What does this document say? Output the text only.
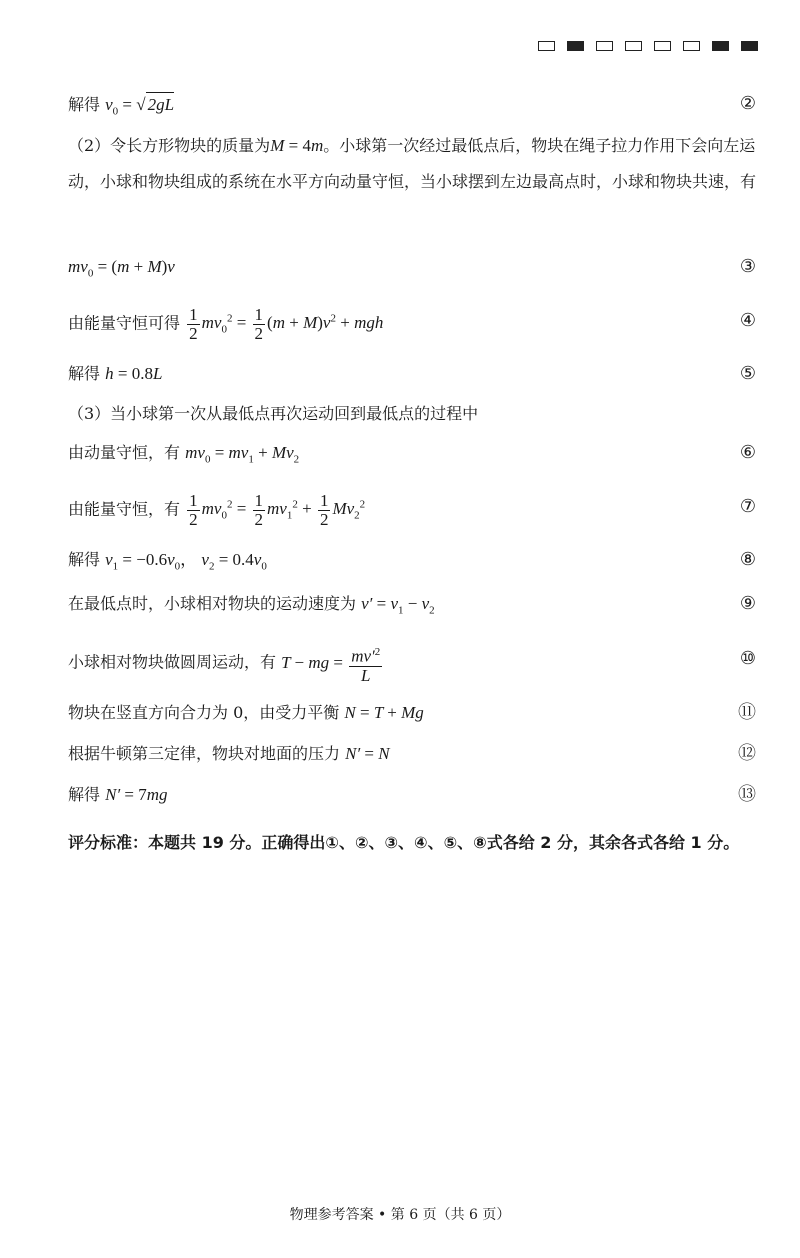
解得 $v_0$ = √ 2gL	②
（2）令长方形物块的质量为M = 4m。小球第一次经过最低点后，物块在绳子拉力作用下会向左运动，小球和物块组成的系统在水平方向动量守恒，当小球摆到左边最高点时，小球和物块共速，有
$mv_0 = (m + M)v$	③
由能量守恒可得 $\frac{1}{2} mv_0^2 = \frac{1}{2} (m + M)v^2$ + mgh	④
解得 h = 0.8L	⑤
（3）当小球第一次从最低点再次运动回到最低点的过程中
由动量守恒，有 $mv_0 = mv_1 + Mv_2$	⑥
由能量守恒，有 $\frac{1}{2} mv_0^2 = \frac{1}{2} mv_1^2 + \frac{1}{2} Mv_2^2$	⑦
解得 $v_1 = -0.6v_0$， $v_2 = 0.4v_0$	⑧
在最低点时，小球相对物块的运动速度为 $v' = v_1 - v_2$	⑨
小球相对物块做圆周运动，有 T − mg = $\frac{mv'^2}{L}$	⑩
物块在竖直方向合力为 0，由受力平衡 N = T + Mg	⑪
根据牛顿第三定律，物块对地面的压力 N′ = N	⑫
解得 N′ = 7mg	⑬
评分标准：本题共 19 分。正确得出①、②、③、④、⑤、⑧式各给 2 分，其余各式各给 1 分。
物理参考答案 • 第 6 页（共 6 页）
